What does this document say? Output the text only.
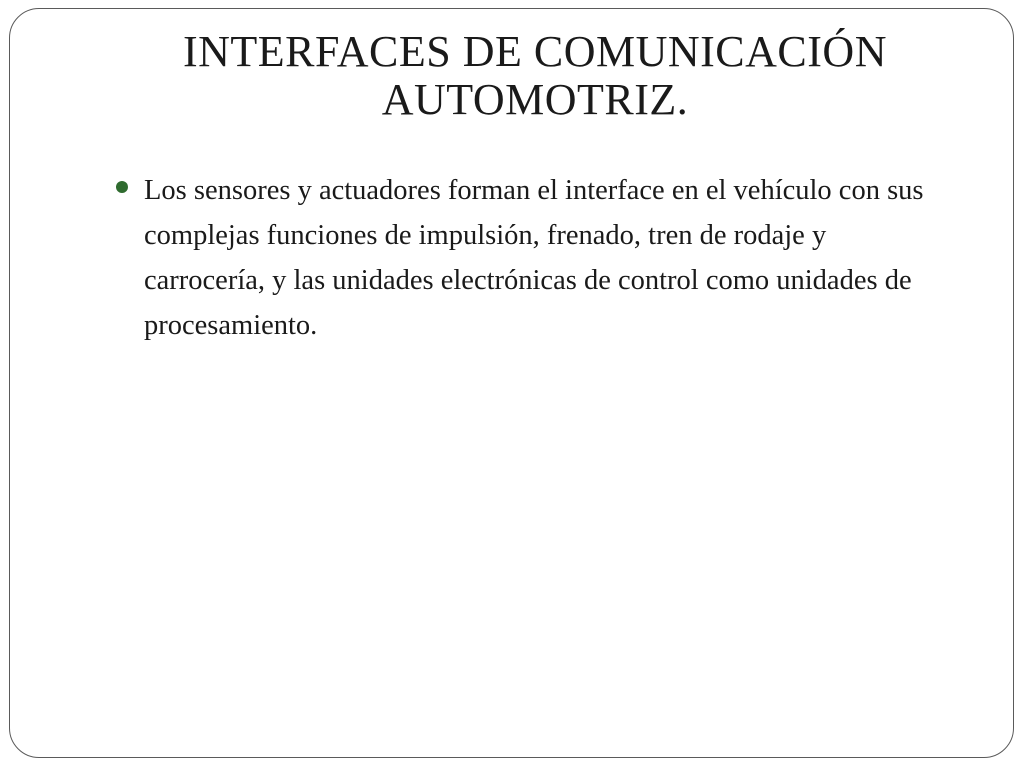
INTERFACES DE COMUNICACIÓN
AUTOMOTRIZ.

Los sensores y actuadores forman el interface en el vehículo con sus complejas funciones de impulsión, frenado, tren de rodaje y carrocería, y las unidades electrónicas de control como unidades de procesamiento.
